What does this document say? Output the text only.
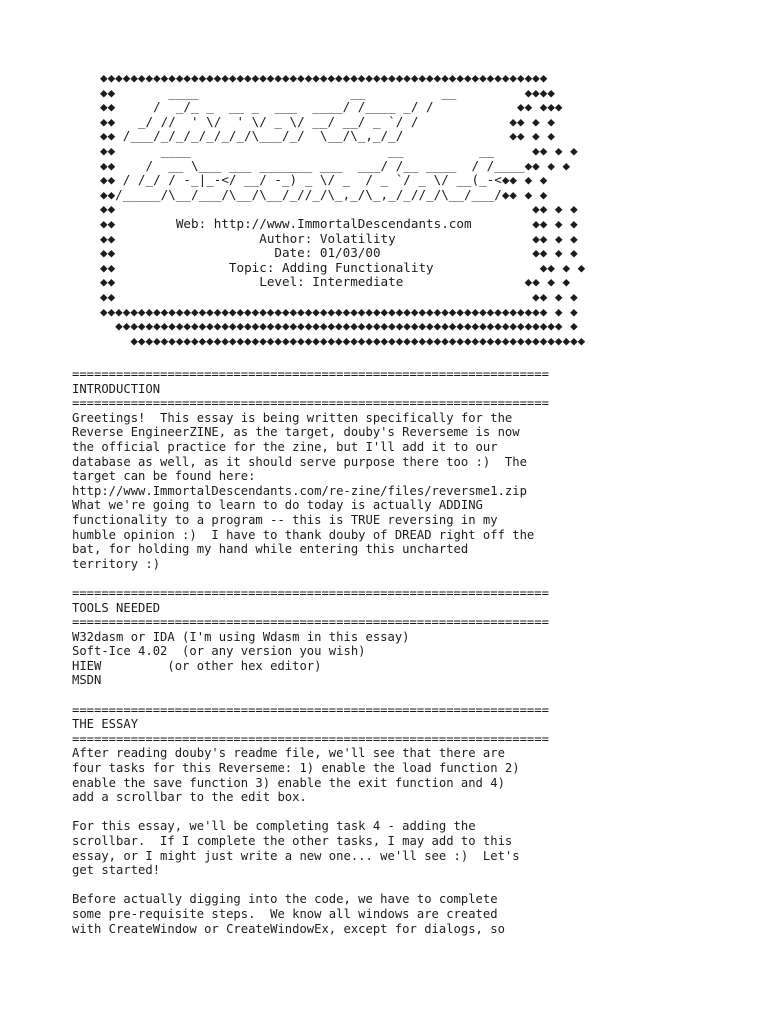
◆◆◆◆◆◆◆◆◆◆◆◆◆◆◆◆◆◆◆◆◆◆◆◆◆◆◆◆◆◆◆◆◆◆◆◆◆◆◆◆◆◆◆◆◆◆◆◆◆◆◆◆◆◆◆◆◆◆◆
◆◆       ____                    __          __         ◆◆◆◆
◆◆     /  _/_ _  __ _  ___  ____/ /____ _/ /           ◆◆ ◆◆◆
◆◆   _/ //  ' \/  ' \/ _ \/ __/ __/ _ `/ /            ◆◆ ◆ ◆
◆◆ /___/_/_/_/_/_/_/\___/_/  \__/\_,_/_/              ◆◆ ◆ ◆
◆◆      ____                          __          __     ◆◆ ◆ ◆
◆◆    /  __ \___ ___ _______ ___  ___/ /__ ____  / /____◆◆ ◆ ◆
◆◆ / /_/ / -_|_-</ __/ -_) _ \/ _  / _ `/ _ \/ __(_-<◆◆ ◆ ◆
◆◆/_____/\__/___/\__/\__/_//_/\_,_/\_,_/_//_/\__/___/◆◆ ◆ ◆
◆◆                                                       ◆◆ ◆ ◆
◆◆	Web: http://www.ImmortalDescendants.com	◆◆ ◆ ◆
◆◆	Author: Volatility	◆◆ ◆ ◆
◆◆	Date: 01/03/00	◆◆ ◆ ◆
◆◆	Topic: Adding Functionality	◆◆ ◆ ◆
◆◆	Level: Intermediate	◆◆ ◆ ◆
◆◆                                                       ◆◆ ◆ ◆
◆◆◆◆◆◆◆◆◆◆◆◆◆◆◆◆◆◆◆◆◆◆◆◆◆◆◆◆◆◆◆◆◆◆◆◆◆◆◆◆◆◆◆◆◆◆◆◆◆◆◆◆◆◆◆◆◆◆◆ ◆ ◆
◆◆◆◆◆◆◆◆◆◆◆◆◆◆◆◆◆◆◆◆◆◆◆◆◆◆◆◆◆◆◆◆◆◆◆◆◆◆◆◆◆◆◆◆◆◆◆◆◆◆◆◆◆◆◆◆◆◆◆ ◆
◆◆◆◆◆◆◆◆◆◆◆◆◆◆◆◆◆◆◆◆◆◆◆◆◆◆◆◆◆◆◆◆◆◆◆◆◆◆◆◆◆◆◆◆◆◆◆◆◆◆◆◆◆◆◆◆◆◆◆◆
=================================================================
INTRODUCTION
=================================================================
Greetings!  This essay is being written specifically for the
Reverse EngineerZINE, as the target, douby's Reverseme is now
the official practice for the zine, but I'll add it to our
database as well, as it should serve purpose there too :)  The
target can be found here:
http://www.ImmortalDescendants.com/re-zine/files/reversme1.zip
What we're going to learn to do today is actually ADDING
functionality to a program -- this is TRUE reversing in my
humble opinion :)  I have to thank douby of DREAD right off the
bat, for holding my hand while entering this uncharted
territory :)

=================================================================
TOOLS NEEDED
=================================================================
W32dasm or IDA (I'm using Wdasm in this essay)
Soft-Ice 4.02  (or any version you wish)
HIEW         (or other hex editor)
MSDN

=================================================================
THE ESSAY
=================================================================
After reading douby's readme file, we'll see that there are
four tasks for this Reverseme: 1) enable the load function 2)
enable the save function 3) enable the exit function and 4)
add a scrollbar to the edit box.

For this essay, we'll be completing task 4 - adding the
scrollbar.  If I complete the other tasks, I may add to this
essay, or I might just write a new one... we'll see :)  Let's
get started!

Before actually digging into the code, we have to complete
some pre-requisite steps.  We know all windows are created
with CreateWindow or CreateWindowEx, except for dialogs, so
